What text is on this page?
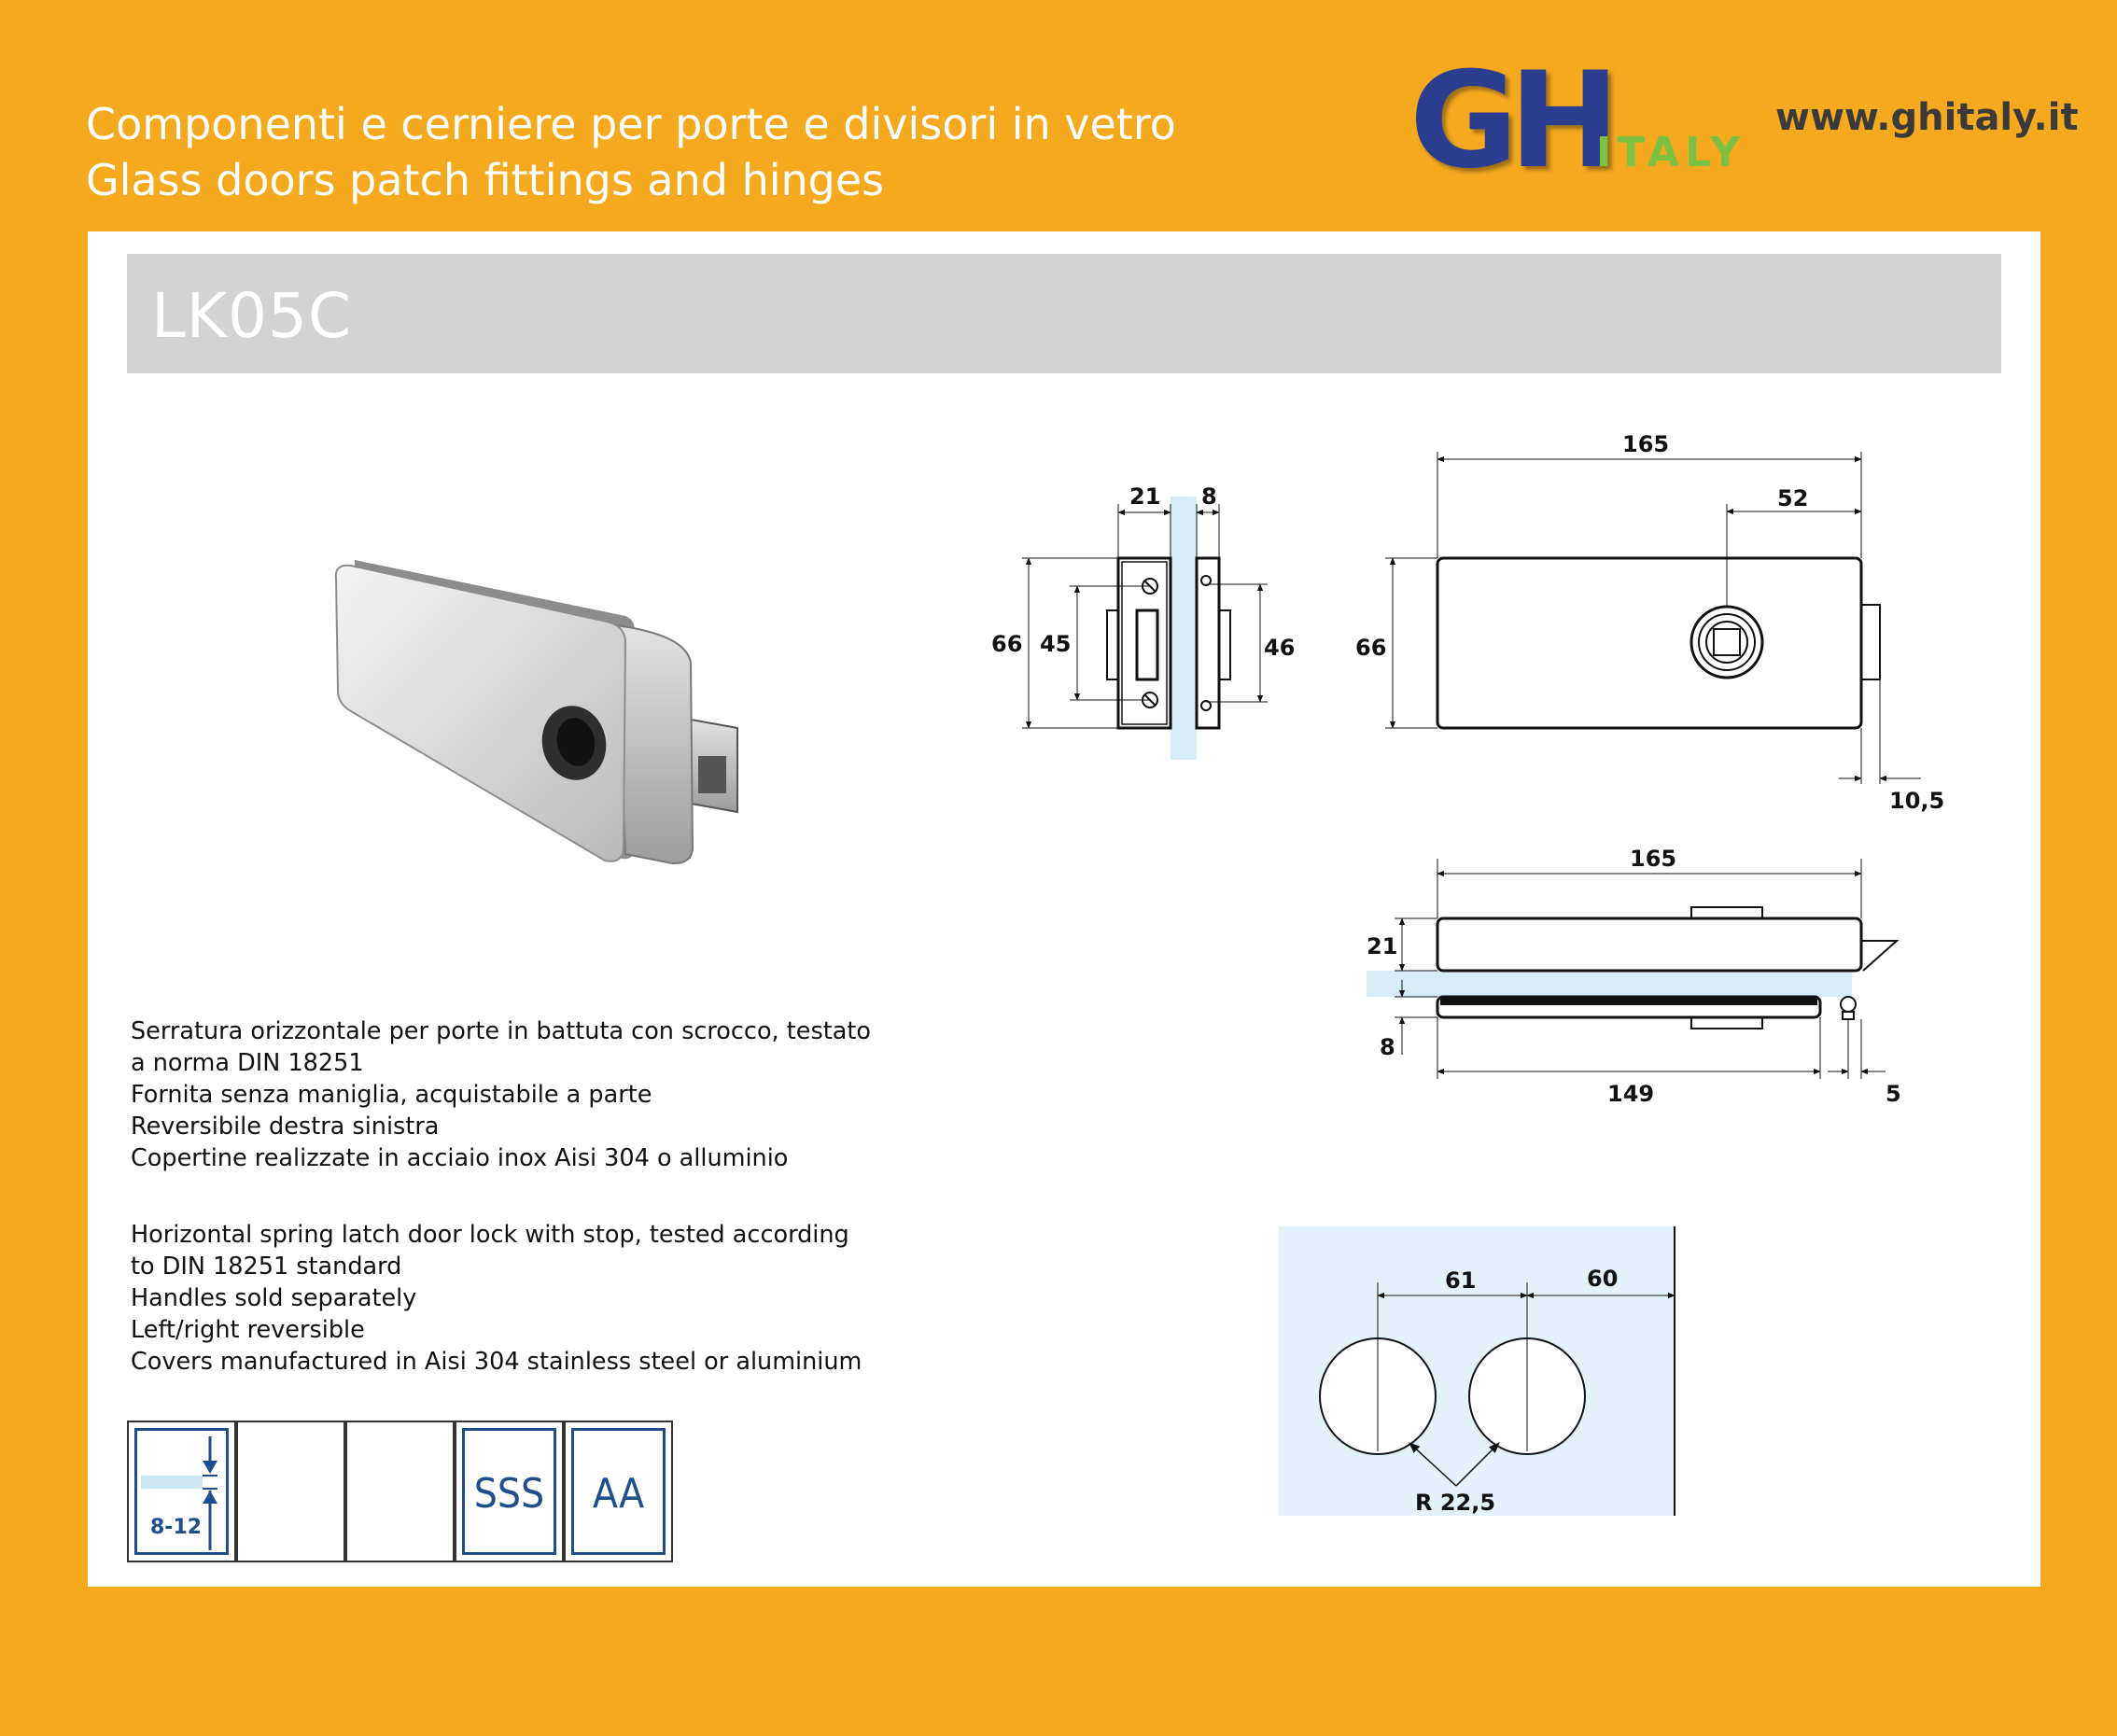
Componenti e cerniere per porte e divisori in vetro
Glass doors patch fittings and hinges	GH
ITALY
www.ghitaly.it
LK05C
Serratura orizzontale per porte in battuta con scrocco, testato
a norma DIN 18251
Fornita senza maniglia, acquistabile a parte
Reversibile destra sinistra
Copertine realizzate in acciaio inox Aisi 304 o alluminio
Horizontal spring latch door lock with stop, tested according
to DIN 18251 standard
Handles sold separately
Left/right reversible
Covers manufactured in Aisi 304 stainless steel or aluminium
21 8
66 45	46
165
52
66
10,5
165
21
8
149	5
61	60
R 22,5
8-12
SSS	AA
